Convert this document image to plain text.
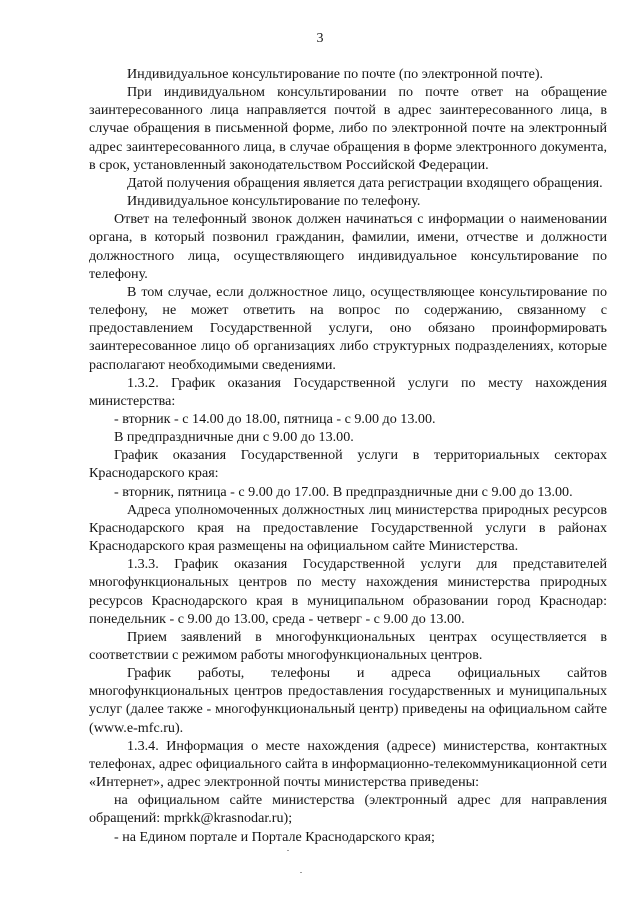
3

Индивидуальное консультирование по почте (по электронной почте).

При индивидуальном консультировании по почте ответ на обращение заинтересованного лица направляется почтой в адрес заинтересованного лица, в случае обращения в письменной форме, либо по электронной почте на электронный адрес заинтересованного лица, в случае обращения в форме электронного документа, в срок, установленный законодательством Российской Федерации.

Датой получения обращения является дата регистрации входящего обращения.

Индивидуальное консультирование по телефону.

Ответ на телефонный звонок должен начинаться с информации о наименовании органа, в который позвонил гражданин, фамилии, имени, отчестве и должности должностного лица, осуществляющего индивидуальное консультирование по телефону.

В том случае, если должностное лицо, осуществляющее консультирование по телефону, не может ответить на вопрос по содержанию, связанному с предоставлением Государственной услуги, оно обязано проинформировать заинтересованное лицо об организациях либо структурных подразделениях, которые располагают необходимыми сведениями.

1.3.2. График оказания Государственной услуги по месту нахождения министерства:

- вторник - с 14.00 до 18.00, пятница - с 9.00 до 13.00.

В предпраздничные дни с 9.00 до 13.00.

График оказания Государственной услуги в территориальных секторах Краснодарского края:

- вторник, пятница - с 9.00 до 17.00. В предпраздничные дни с 9.00 до 13.00.

Адреса уполномоченных должностных лиц министерства природных ресурсов Краснодарского края на предоставление Государственной услуги в районах Краснодарского края размещены на официальном сайте Министерства.

1.3.3. График оказания Государственной услуги для представителей многофункциональных центров по месту нахождения министерства природных ресурсов Краснодарского края в муниципальном образовании город Краснодар: понедельник - с 9.00 до 13.00, среда - четверг - с 9.00 до 13.00.

Прием заявлений в многофункциональных центрах осуществляется в соответствии с режимом работы многофункциональных центров.

График работы, телефоны и адреса официальных сайтов многофункциональных центров предоставления государственных и муниципальных услуг (далее также - многофункциональный центр) приведены на официальном сайте (www.e-mfc.ru).

1.3.4. Информация о месте нахождения (адресе) министерства, контактных телефонах, адрес официального сайта в информационно-телекоммуникационной сети «Интернет», адрес электронной почты министерства приведены:

на официальном сайте министерства (электронный адрес для направления обращений: mprkk@krasnodar.ru);

- на Едином портале и Портале Краснодарского края;
